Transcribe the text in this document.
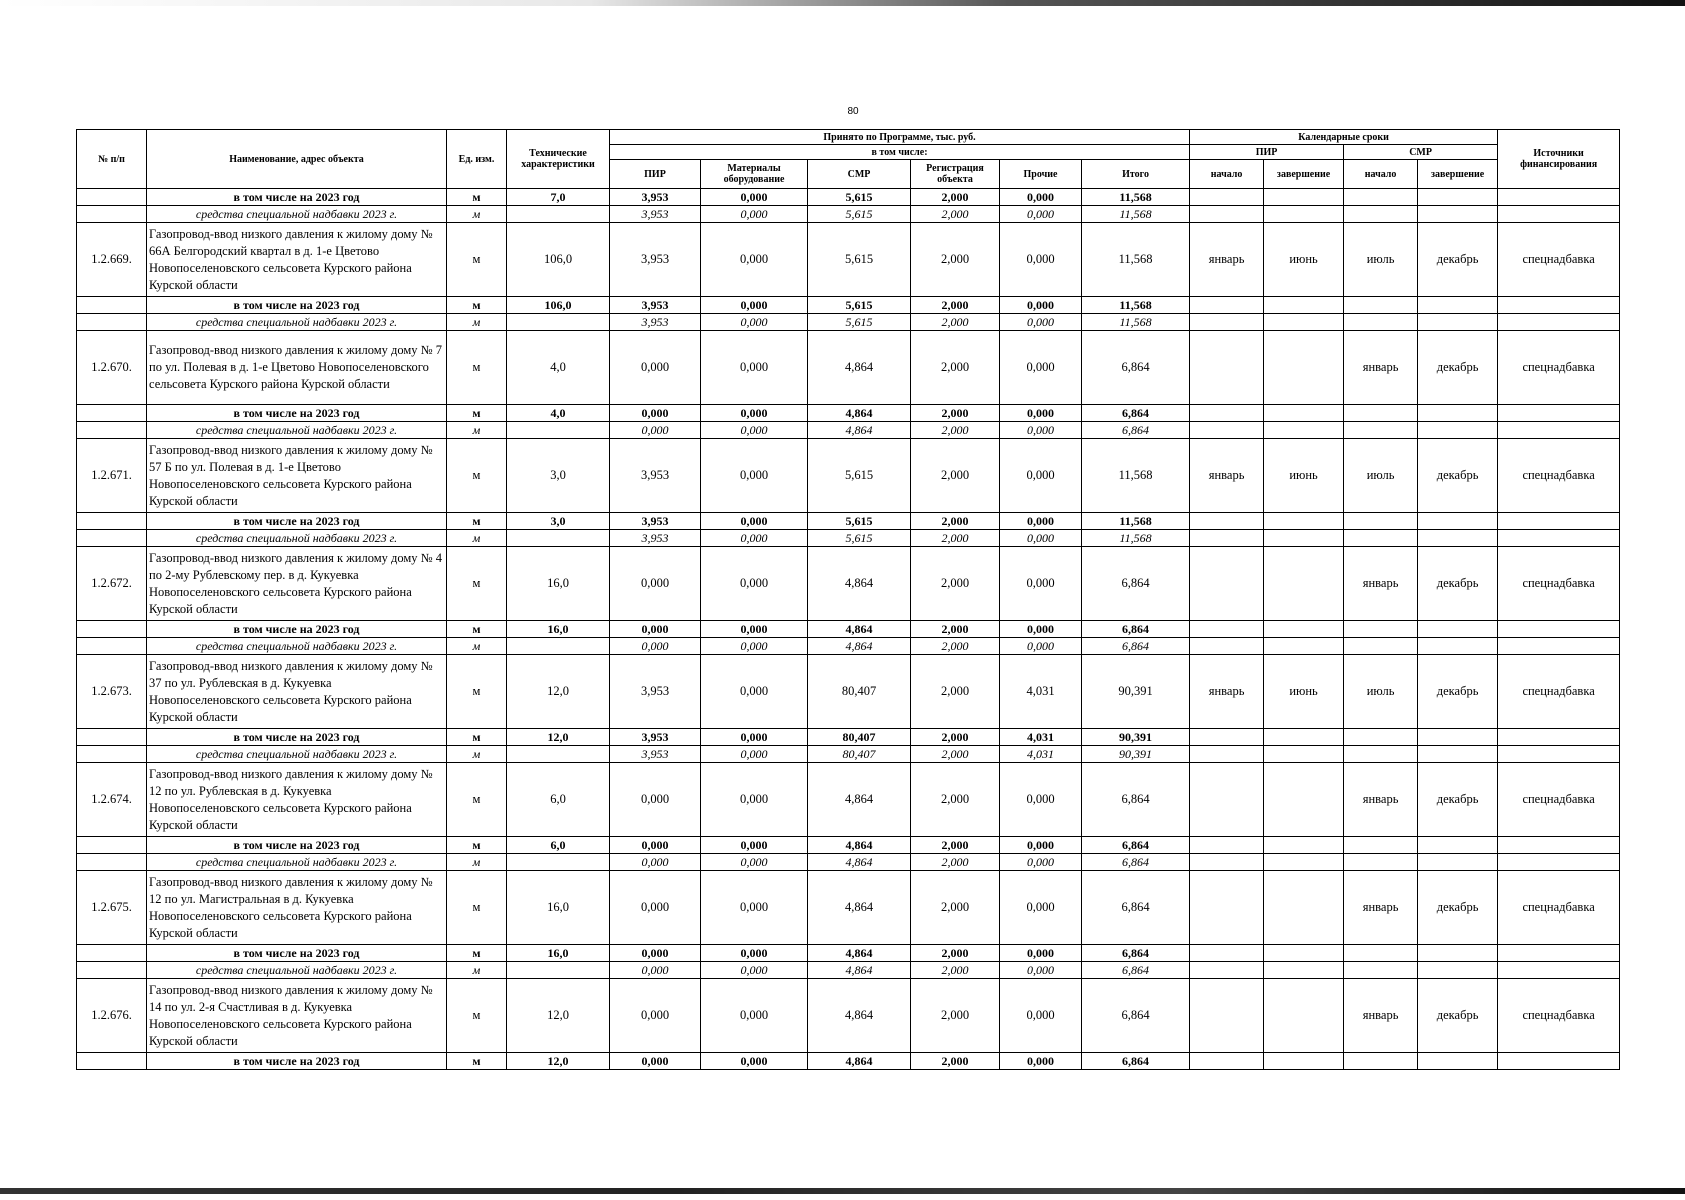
80
№ п/п	Наименование, адрес объекта	Ед. изм.	Технические характеристики	Принято по Программе, тыс. руб.						Календарные сроки				Источники финансирования
				в том числе:						ПИР		СМР		
				ПИР	Материалы оборудование	СМР	Регистрация объекта	Прочие	Итого	начало	завершение	начало	завершение	
	в том числе на 2023 год	м	7,0	3,953	0,000	5,615	2,000	0,000	11,568					
	средства специальной надбавки 2023 г.	м		3,953	0,000	5,615	2,000	0,000	11,568					
1.2.669.	Газопровод-ввод низкого давления к жилому дому № 66А Белгородский квартал в д. 1-е Цветово Новопоселеновского сельсовета Курского района Курской области	м	106,0	3,953	0,000	5,615	2,000	0,000	11,568	январь	июнь	июль	декабрь	спецнадбавка
	в том числе на 2023 год	м	106,0	3,953	0,000	5,615	2,000	0,000	11,568					
	средства специальной надбавки 2023 г.	м		3,953	0,000	5,615	2,000	0,000	11,568					
1.2.670.	Газопровод-ввод низкого давления к жилому дому № 7 по ул. Полевая в д. 1-е Цветово Новопоселеновского сельсовета Курского района Курской области	м	4,0	0,000	0,000	4,864	2,000	0,000	6,864			январь	декабрь	спецнадбавка
	в том числе на 2023 год	м	4,0	0,000	0,000	4,864	2,000	0,000	6,864					
	средства специальной надбавки 2023 г.	м		0,000	0,000	4,864	2,000	0,000	6,864					
1.2.671.	Газопровод-ввод низкого давления к жилому дому № 57 Б по ул. Полевая в д. 1-е Цветово Новопоселеновского сельсовета Курского района Курской области	м	3,0	3,953	0,000	5,615	2,000	0,000	11,568	январь	июнь	июль	декабрь	спецнадбавка
	в том числе на 2023 год	м	3,0	3,953	0,000	5,615	2,000	0,000	11,568					
	средства специальной надбавки 2023 г.	м		3,953	0,000	5,615	2,000	0,000	11,568					
1.2.672.	Газопровод-ввод низкого давления к жилому дому № 4 по 2-му Рублевскому пер. в д. Кукуевка Новопоселеновского сельсовета Курского района Курской области	м	16,0	0,000	0,000	4,864	2,000	0,000	6,864			январь	декабрь	спецнадбавка
	в том числе на 2023 год	м	16,0	0,000	0,000	4,864	2,000	0,000	6,864					
	средства специальной надбавки 2023 г.	м		0,000	0,000	4,864	2,000	0,000	6,864					
1.2.673.	Газопровод-ввод низкого давления к жилому дому № 37 по ул. Рублевская в д. Кукуевка Новопоселеновского сельсовета Курского района Курской области	м	12,0	3,953	0,000	80,407	2,000	4,031	90,391	январь	июнь	июль	декабрь	спецнадбавка
	в том числе на 2023 год	м	12,0	3,953	0,000	80,407	2,000	4,031	90,391					
	средства специальной надбавки 2023 г.	м		3,953	0,000	80,407	2,000	4,031	90,391					
1.2.674.	Газопровод-ввод низкого давления к жилому дому № 12 по ул. Рублевская в д. Кукуевка Новопоселеновского сельсовета Курского района Курской области	м	6,0	0,000	0,000	4,864	2,000	0,000	6,864			январь	декабрь	спецнадбавка
	в том числе на 2023 год	м	6,0	0,000	0,000	4,864	2,000	0,000	6,864					
	средства специальной надбавки 2023 г.	м		0,000	0,000	4,864	2,000	0,000	6,864					
1.2.675.	Газопровод-ввод низкого давления к жилому дому № 12 по ул. Магистральная в д. Кукуевка Новопоселеновского сельсовета Курского района Курской области	м	16,0	0,000	0,000	4,864	2,000	0,000	6,864			январь	декабрь	спецнадбавка
	в том числе на 2023 год	м	16,0	0,000	0,000	4,864	2,000	0,000	6,864					
	средства специальной надбавки 2023 г.	м		0,000	0,000	4,864	2,000	0,000	6,864					
1.2.676.	Газопровод-ввод низкого давления к жилому дому № 14 по ул. 2-я Счастливая в д. Кукуевка Новопоселеновского сельсовета Курского района Курской области	м	12,0	0,000	0,000	4,864	2,000	0,000	6,864			январь	декабрь	спецнадбавка
	в том числе на 2023 год	м	12,0	0,000	0,000	4,864	2,000	0,000	6,864					
